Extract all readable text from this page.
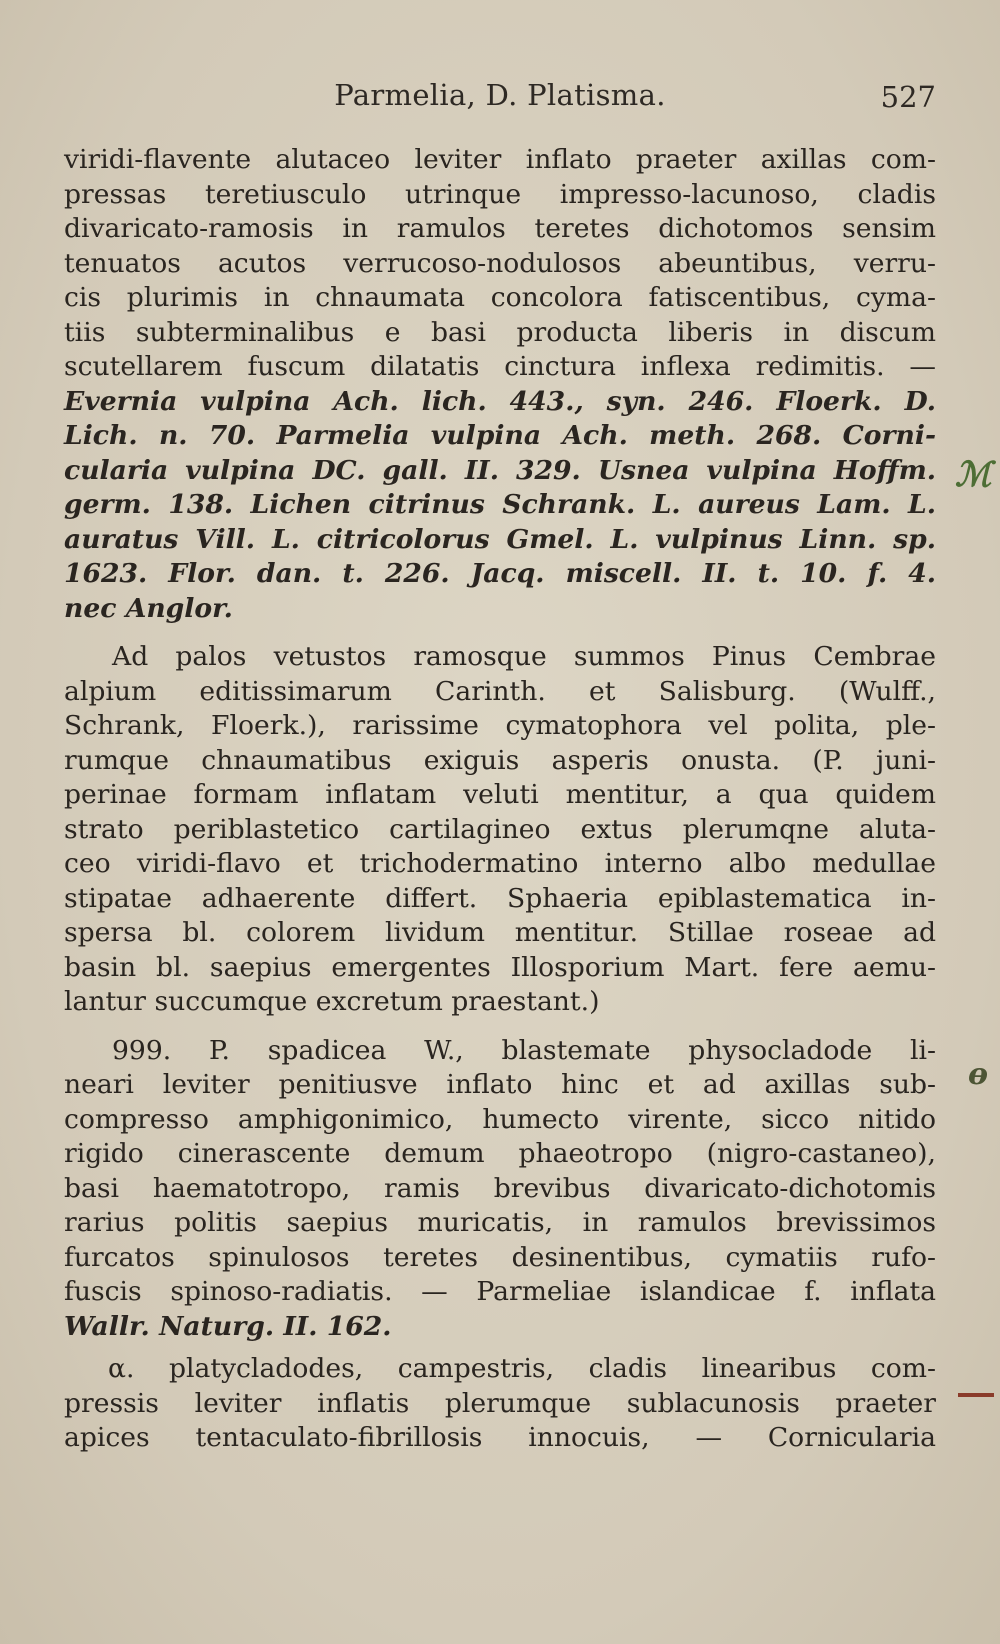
Parmelia, D. Platisma.	527
viridi-flavente alutaceo leviter inflato praeter axillas com-
pressas teretiusculo utrinque impresso-lacunoso, cladis
divaricato-ramosis in ramulos teretes dichotomos sensim
tenuatos acutos verrucoso-nodulosos abeuntibus, verru-
cis plurimis in chnaumata concolora fatiscentibus, cyma-
tiis subterminalibus e basi producta liberis in discum
scutellarem fuscum dilatatis cinctura inflexa redimitis. —
Evernia vulpina Ach. lich. 443., syn. 246. Floerk. D.
Lich. n. 70. Parmelia vulpina Ach. meth. 268. Corni-
cularia vulpina DC. gall. II. 329. Usnea vulpina Hoffm.
germ. 138. Lichen citrinus Schrank. L. aureus Lam. L.
auratus Vill. L. citricolorus Gmel. L. vulpinus Linn. sp.
1623. Flor. dan. t. 226. Jacq. miscell. II. t. 10. f. 4.
nec Anglor.
Ad palos vetustos ramosque summos Pinus Cembrae
alpium editissimarum Carinth. et Salisburg. (Wulff.,
Schrank, Floerk.), rarissime cymatophora vel polita, ple-
rumque chnaumatibus exiguis asperis onusta. (P. juni-
perinae formam inflatam veluti mentitur, a qua quidem
strato periblastetico cartilagineo extus plerumqne aluta-
ceo viridi-flavo et trichodermatino interno albo medullae
stipatae adhaerente differt. Sphaeria epiblastematica in-
spersa bl. colorem lividum mentitur. Stillae roseae ad
basin bl. saepius emergentes Illosporium Mart. fere aemu-
lantur succumque excretum praestant.)
999. P. spadicea W., blastemate physocladode li-
neari leviter penitiusve inflato hinc et ad axillas sub-
compresso amphigonimico, humecto virente, sicco nitido
rigido cinerascente demum phaeotropo (nigro-castaneo),
basi haematotropo, ramis brevibus divaricato-dichotomis
rarius politis saepius muricatis, in ramulos brevissimos
furcatos spinulosos teretes desinentibus, cymatiis rufo-
fuscis spinoso-radiatis. — Parmeliae islandicae f. inflata
Wallr. Naturg. II. 162.
α. platycladodes, campestris, cladis linearibus com-
pressis leviter inflatis plerumque sublacunosis praeter
apices tentaculato-fibrillosis innocuis, — Cornicularia
ℳ
ɵ
